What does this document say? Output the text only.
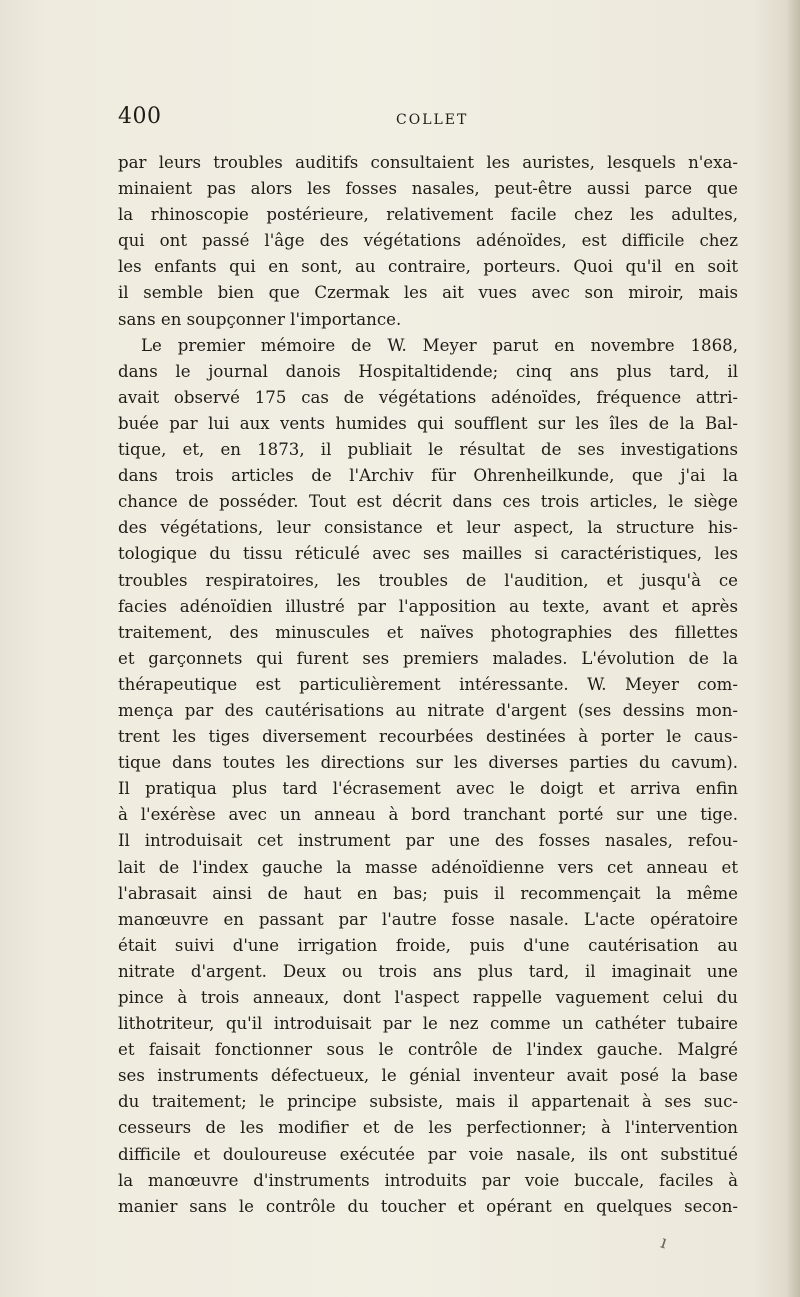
400	COLLET
par leurs troubles auditifs consultaient les auristes, lesquels n'exa-
minaient pas alors les fosses nasales, peut-être aussi parce que
la rhinoscopie postérieure, relativement facile chez les adultes,
qui ont passé l'âge des végétations adénoïdes, est difficile chez
les enfants qui en sont, au contraire, porteurs. Quoi qu'il en soit
il semble bien que Czermak les ait vues avec son miroir, mais
sans en soupçonner l'importance.
Le premier mémoire de W. Meyer parut en novembre 1868,
dans le journal danois Hospitaltidende; cinq ans plus tard, il
avait observé 175 cas de végétations adénoïdes, fréquence attri-
buée par lui aux vents humides qui soufflent sur les îles de la Bal-
tique, et, en 1873, il publiait le résultat de ses investigations
dans trois articles de l'Archiv für Ohrenheilkunde, que j'ai la
chance de posséder. Tout est décrit dans ces trois articles, le siège
des végétations, leur consistance et leur aspect, la structure his-
tologique du tissu réticulé avec ses mailles si caractéristiques, les
troubles respiratoires, les troubles de l'audition, et jusqu'à ce
facies adénoïdien illustré par l'apposition au texte, avant et après
traitement, des minuscules et naïves photographies des fillettes
et garçonnets qui furent ses premiers malades. L'évolution de la
thérapeutique est particulièrement intéressante. W. Meyer com-
mença par des cautérisations au nitrate d'argent (ses dessins mon-
trent les tiges diversement recourbées destinées à porter le caus-
tique dans toutes les directions sur les diverses parties du cavum).
Il pratiqua plus tard l'écrasement avec le doigt et arriva enfin
à l'exérèse avec un anneau à bord tranchant porté sur une tige.
Il introduisait cet instrument par une des fosses nasales, refou-
lait de l'index gauche la masse adénoïdienne vers cet anneau et
l'abrasait ainsi de haut en bas; puis il recommençait la même
manœuvre en passant par l'autre fosse nasale. L'acte opératoire
était suivi d'une irrigation froide, puis d'une cautérisation au
nitrate d'argent. Deux ou trois ans plus tard, il imaginait une
pince à trois anneaux, dont l'aspect rappelle vaguement celui du
lithotriteur, qu'il introduisait par le nez comme un cathéter tubaire
et faisait fonctionner sous le contrôle de l'index gauche. Malgré
ses instruments défectueux, le génial inventeur avait posé la base
du traitement; le principe subsiste, mais il appartenait à ses suc-
cesseurs de les modifier et de les perfectionner; à l'intervention
difficile et douloureuse exécutée par voie nasale, ils ont substitué
la manœuvre d'instruments introduits par voie buccale, faciles à
manier sans le contrôle du toucher et opérant en quelques secon-
ı
